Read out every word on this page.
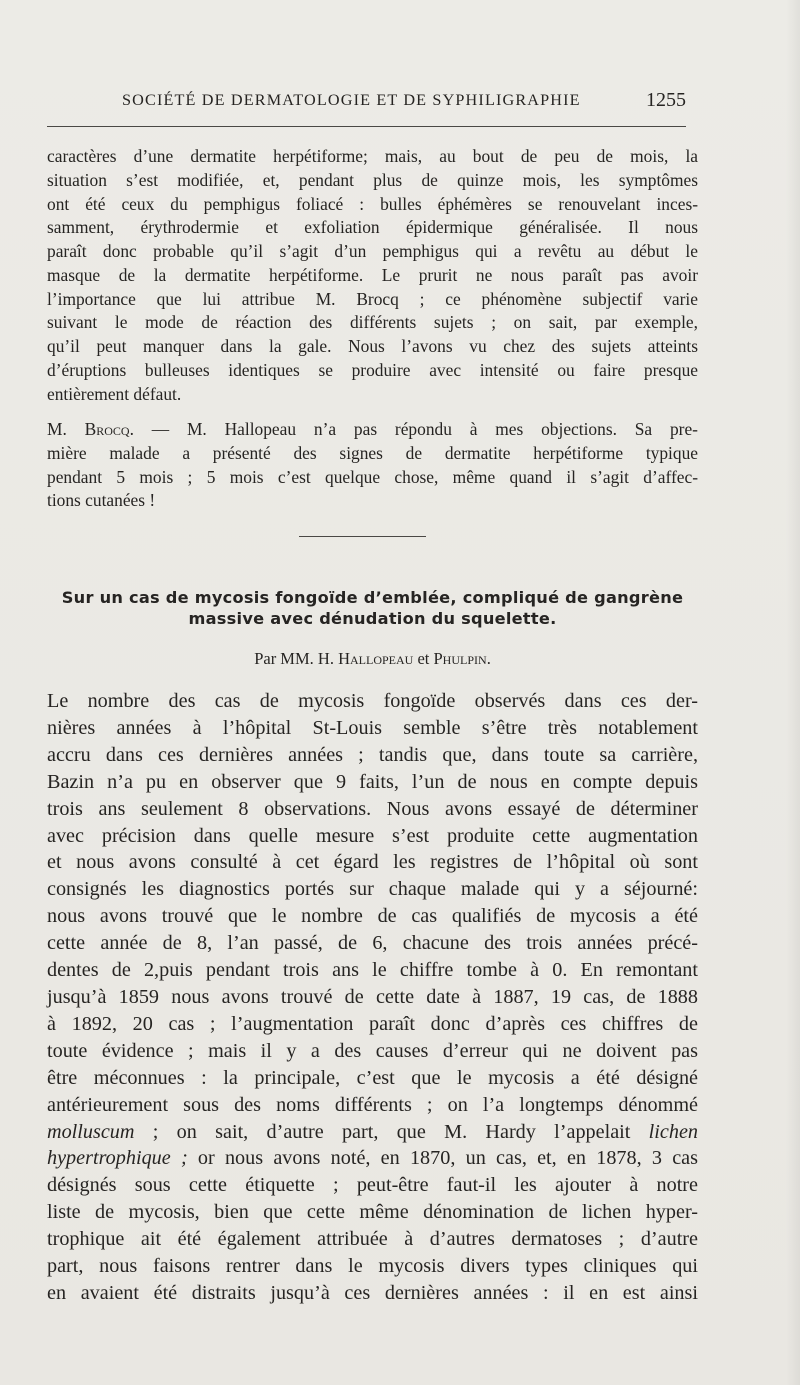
SOCIÉTÉ DE DERMATOLOGIE ET DE SYPHILIGRAPHIE	1255
caractères d’une dermatite herpétiforme; mais, au bout de peu de mois, la
situation s’est modifiée, et, pendant plus de quinze mois, les symptômes
ont été ceux du pemphigus foliacé : bulles éphémères se renouvelant inces-
samment, érythrodermie et exfoliation épidermique généralisée. Il nous
paraît donc probable qu’il s’agit d’un pemphigus qui a revêtu au début le
masque de la dermatite herpétiforme. Le prurit ne nous paraît pas avoir
l’importance que lui attribue M. Brocq ; ce phénomène subjectif varie
suivant le mode de réaction des différents sujets ; on sait, par exemple,
qu’il peut manquer dans la gale. Nous l’avons vu chez des sujets atteints
d’éruptions bulleuses identiques se produire avec intensité ou faire presque
entièrement défaut.
M. Brocq. — M. Hallopeau n’a pas répondu à mes objections. Sa pre-
mière malade a présenté des signes de dermatite herpétiforme typique
pendant 5 mois ; 5 mois c’est quelque chose, même quand il s’agit d’affec-
tions cutanées !
Sur un cas de mycosis fongoïde d’emblée, compliqué de gangrène
massive avec dénudation du squelette.
Par MM. H. Hallopeau et Phulpin.
Le nombre des cas de mycosis fongoïde observés dans ces der-
nières années à l’hôpital St-Louis semble s’être très notablement
accru dans ces dernières années ; tandis que, dans toute sa carrière,
Bazin n’a pu en observer que 9 faits, l’un de nous en compte depuis
trois ans seulement 8 observations. Nous avons essayé de déterminer
avec précision dans quelle mesure s’est produite cette augmentation
et nous avons consulté à cet égard les registres de l’hôpital où sont
consignés les diagnostics portés sur chaque malade qui y a séjourné:
nous avons trouvé que le nombre de cas qualifiés de mycosis a été
cette année de 8, l’an passé, de 6, chacune des trois années précé-
dentes de 2,puis pendant trois ans le chiffre tombe à 0. En remontant
jusqu’à 1859 nous avons trouvé de cette date à 1887, 19 cas, de 1888
à 1892, 20 cas ; l’augmentation paraît donc d’après ces chiffres de
toute évidence ; mais il y a des causes d’erreur qui ne doivent pas
être méconnues : la principale, c’est que le mycosis a été désigné
antérieurement sous des noms différents ; on l’a longtemps dénommé
molluscum ; on sait, d’autre part, que M. Hardy l’appelait lichen
hypertrophique ; or nous avons noté, en 1870, un cas, et, en 1878, 3 cas
désignés sous cette étiquette ; peut-être faut-il les ajouter à notre
liste de mycosis, bien que cette même dénomination de lichen hyper-
trophique ait été également attribuée à d’autres dermatoses ; d’autre
part, nous faisons rentrer dans le mycosis divers types cliniques qui
en avaient été distraits jusqu’à ces dernières années : il en est ainsi
